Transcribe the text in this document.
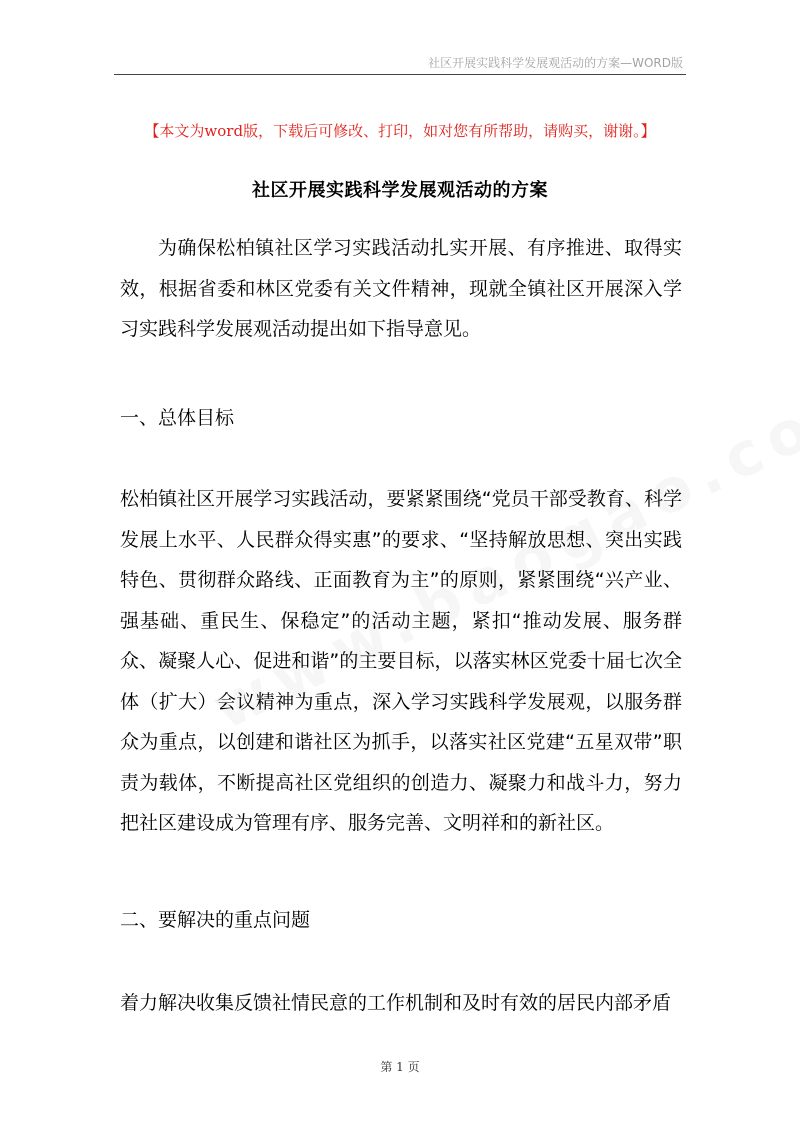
社区开展实践科学发展观活动的方案—WORD版
【本文为word版，下载后可修改、打印，如对您有所帮助，请购买，谢谢。】
社区开展实践科学发展观活动的方案
为确保松柏镇社区学习实践活动扎实开展、有序推进、取得实效，根据省委和林区党委有关文件精神，现就全镇社区开展深入学习实践科学发展观活动提出如下指导意见。
一、总体目标
松柏镇社区开展学习实践活动，要紧紧围绕“党员干部受教育、科学发展上水平、人民群众得实惠”的要求、“坚持解放思想、突出实践特色、贯彻群众路线、正面教育为主”的原则，紧紧围绕“兴产业、强基础、重民生、保稳定”的活动主题，紧扣“推动发展、服务群众、凝聚人心、促进和谐”的主要目标，以落实林区党委十届七次全体（扩大）会议精神为重点，深入学习实践科学发展观，以服务群众为重点，以创建和谐社区为抓手，以落实社区党建“五星双带”职责为载体，不断提高社区党组织的创造力、凝聚力和战斗力，努力把社区建设成为管理有序、服务完善、文明祥和的新社区。
二、要解决的重点问题
着力解决收集反馈社情民意的工作机制和及时有效的居民内部矛盾
第 1 页
